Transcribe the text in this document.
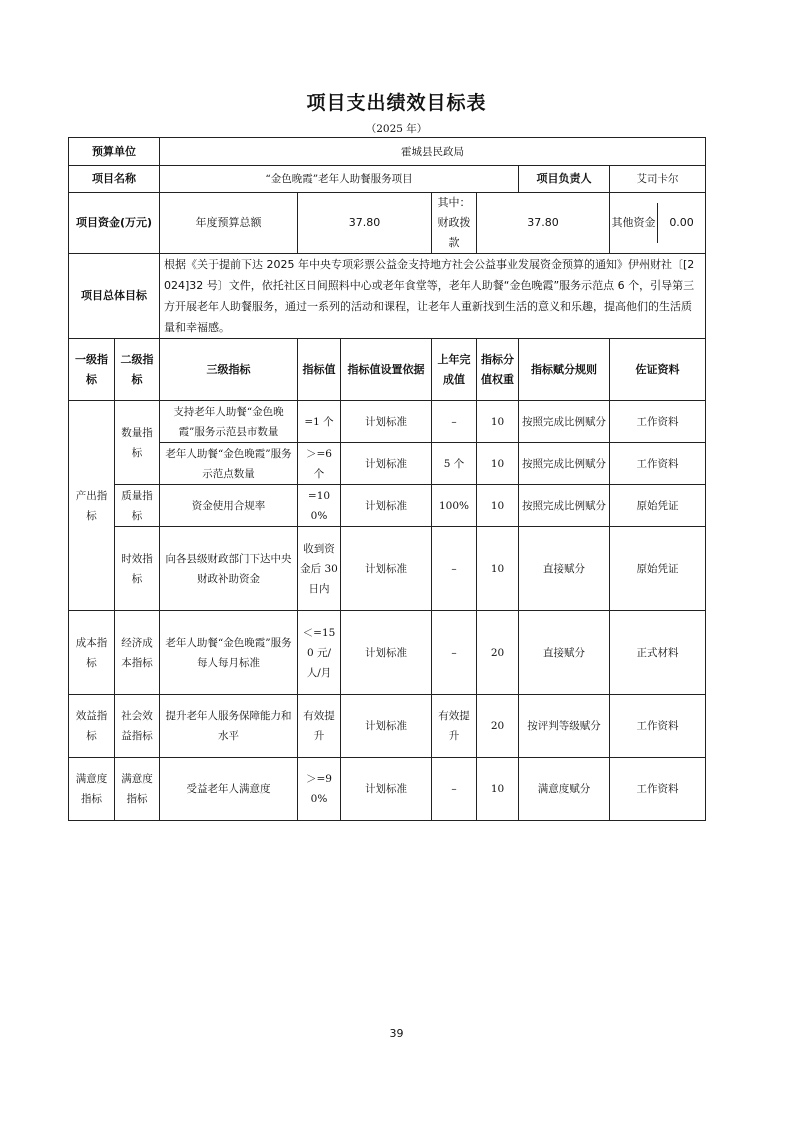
项目支出绩效目标表
（2025 年）
预算单位		霍城县民政局						
项目名称		“金色晚霞”老年人助餐服务项目					项目负责人	艾司卡尔
项目资金(万元)		年度预算总额	37.80		其中：财政拨款	37.80		其他资金 0.00

项目总体目标		根据《关于提前下达 2025 年中央专项彩票公益金支持地方社会公益事业发展资金预算的通知》伊州财社〔[2024]32 号〕文件，依托社区日间照料中心或老年食堂等，老年人助餐“金色晚霞”服务示范点 6 个，引导第三方开展老年人助餐服务，通过一系列的活动和课程，让老年人重新找到生活的意义和乐趣，提高他们的生活质量和幸福感。						
一级指标	二级指标	三级指标	指标值	指标值设置依据	上年完成值	指标分值权重	指标赋分规则	佐证资料
产出指标	数量指标	支持老年人助餐“金色晚霞”服务示范县市数量	=1 个	计划标准	–	10	按照完成比例赋分	工作资料
		老年人助餐“金色晚霞”服务示范点数量	＞=6 个	计划标准	5 个	10	按照完成比例赋分	工作资料
	质量指标	资金使用合规率	=100%	计划标准	100%	10	按照完成比例赋分	原始凭证
	时效指标	向各县级财政部门下达中央财政补助资金	收到资金后 30 日内	计划标准	–	10	直接赋分	原始凭证
成本指标	经济成本指标	老年人助餐“金色晚霞”服务每人每月标准	＜=150 元/人/月	计划标准	–	20	直接赋分	正式材料
效益指标	社会效益指标	提升老年人服务保障能力和水平	有效提升	计划标准	有效提升	20	按评判等级赋分	工作资料
满意度指标	满意度指标	受益老年人满意度	＞=90%	计划标准	–	10	满意度赋分	工作资料
39
